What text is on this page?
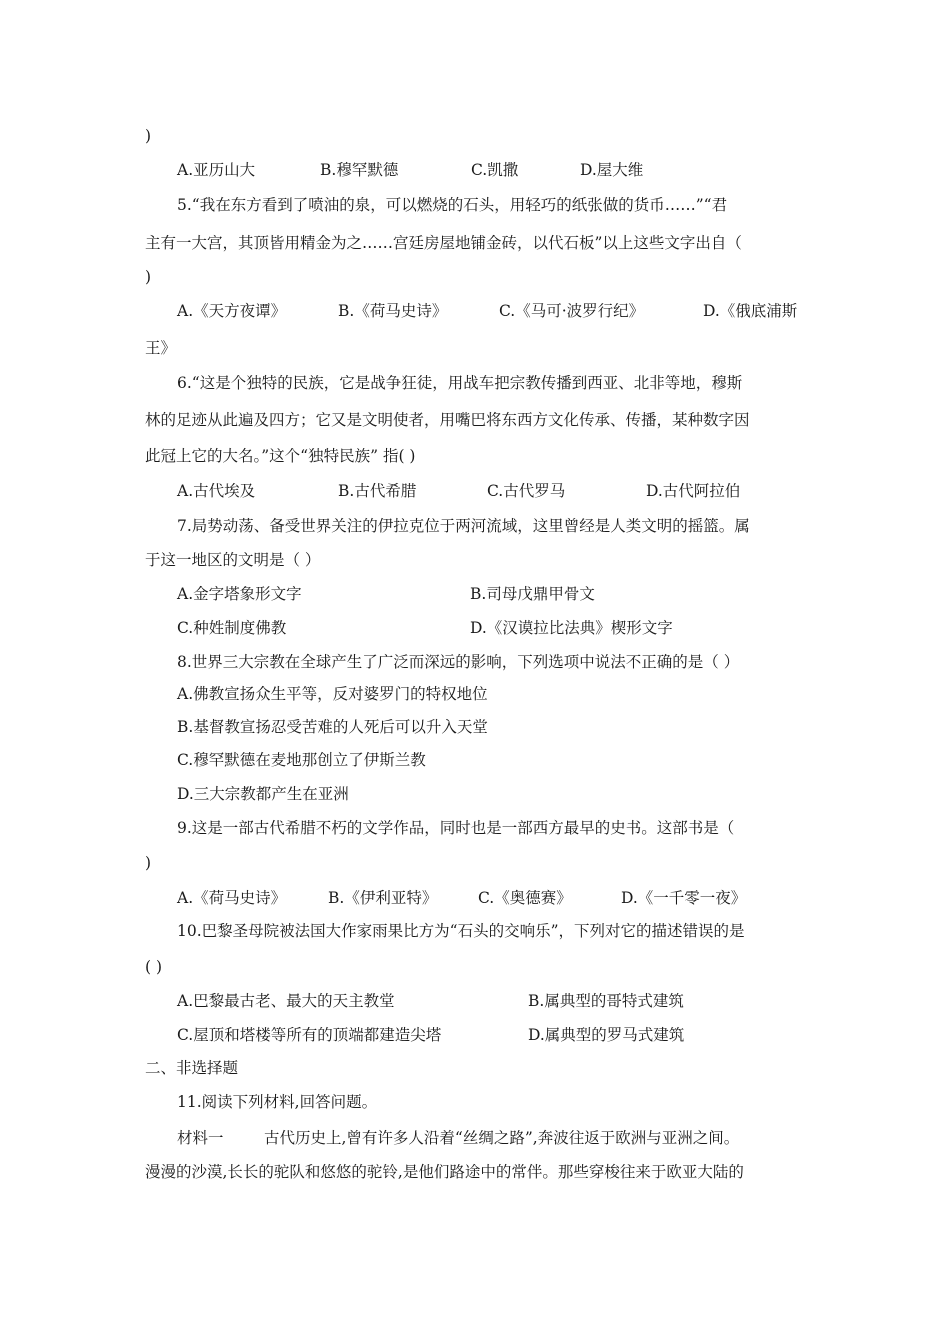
)
A.亚历山大	B.穆罕默德	C.凯撒	D.屋大维
5.“我在东方看到了喷油的泉，可以燃烧的石头，用轻巧的纸张做的货币……”“君
主有一大宫，其顶皆用精金为之……宫廷房屋地铺金砖，以代石板”以上这些文字出自（
)
A.《天方夜谭》	B.《荷马史诗》	C.《马可·波罗行纪》	D.《俄底浦斯
王》
6.“这是个独特的民族，它是战争狂徒，用战车把宗教传播到西亚、北非等地，穆斯
林的足迹从此遍及四方；它又是文明使者，用嘴巴将东西方文化传承、传播，某种数字因
此冠上它的大名。”这个“独特民族” 指( )
A.古代埃及	B.古代希腊	C.古代罗马	D.古代阿拉伯
7.局势动荡、备受世界关注的伊拉克位于两河流域，这里曾经是人类文明的摇篮。属
于这一地区的文明是（ ）
A.金字塔象形文字	B.司母戊鼎甲骨文
C.种姓制度佛教	D.《汉谟拉比法典》楔形文字
8.世界三大宗教在全球产生了广泛而深远的影响，下列选项中说法不正确的是（ ）
A.佛教宣扬众生平等，反对婆罗门的特权地位
B.基督教宣扬忍受苦难的人死后可以升入天堂
C.穆罕默德在麦地那创立了伊斯兰教
D.三大宗教都产生在亚洲
9.这是一部古代希腊不朽的文学作品，同时也是一部西方最早的史书。这部书是（
)
A.《荷马史诗》	B.《伊利亚特》	C.《奥德赛》	D.《一千零一夜》
10.巴黎圣母院被法国大作家雨果比方为“石头的交响乐”，下列对它的描述错误的是
( )
A.巴黎最古老、最大的天主教堂	B.属典型的哥特式建筑
C.屋顶和塔楼等所有的顶端都建造尖塔	D.属典型的罗马式建筑
二、非选择题
11.阅读下列材料,回答问题。
材料一	古代历史上,曾有许多人沿着“丝绸之路”,奔波往返于欧洲与亚洲之间。
漫漫的沙漠,长长的驼队和悠悠的驼铃,是他们路途中的常伴。那些穿梭往来于欧亚大陆的
